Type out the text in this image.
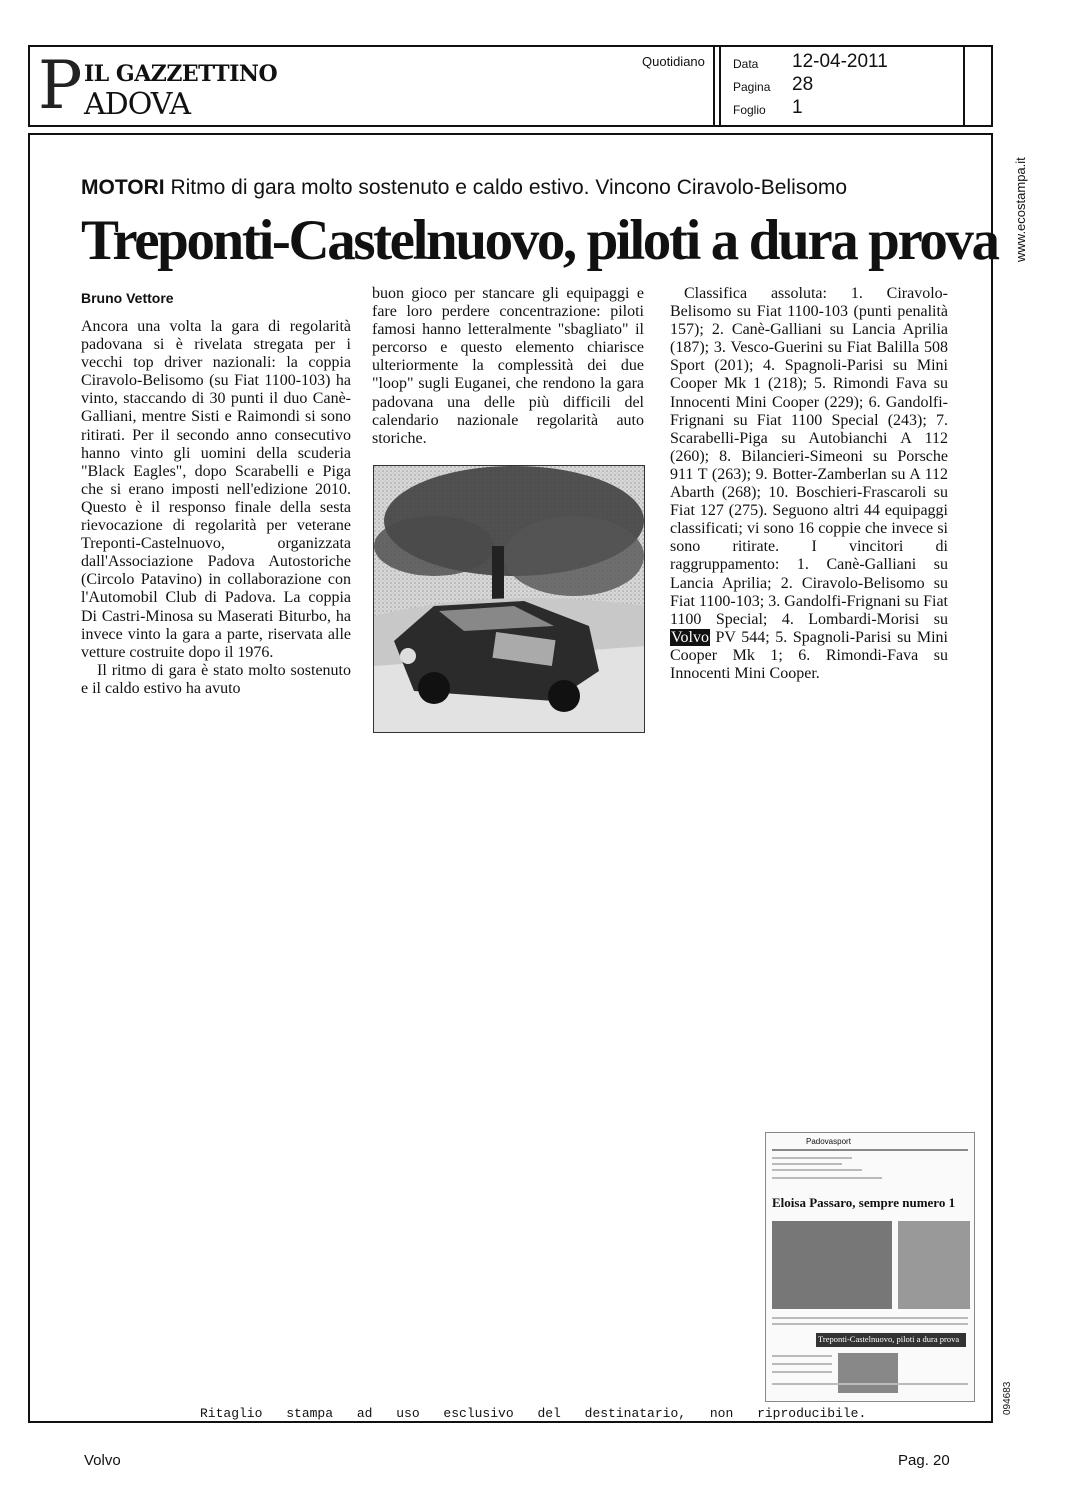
P IL GAZZETTINO
ADOVA
Quotidiano Data 12-04-2011
Pagina 28
Foglio 1
MOTORI Ritmo di gara molto sostenuto e caldo estivo. Vincono Ciravolo-Belisomo
Treponti-Castelnuovo, piloti a dura prova
Bruno Vettore

Ancora una volta la gara di regolarità padovana si è rivelata stregata per i vecchi top driver nazionali: la coppia Ciravolo-Belisomo (su Fiat 1100-103) ha vinto, staccando di 30 punti il duo Canè-Galliani, mentre Sisti e Raimondi si sono ritirati. Per il secondo anno consecutivo hanno vinto gli uomini della scuderia "Black Eagles", dopo Scarabelli e Piga che si erano imposti nell'edizione 2010. Questo è il responso finale della sesta rievocazione di regolarità per veterane Treponti-Castelnuovo, organizzata dall'Associazione Padova Autostoriche (Circolo Patavino) in collaborazione con l'Automobil Club di Padova. La coppia Di Castri-Minosa su Maserati Biturbo, ha invece vinto la gara a parte, riservata alle vetture costruite dopo il 1976.

Il ritmo di gara è stato molto sostenuto e il caldo estivo ha avuto

buon gioco per stancare gli equipaggi e fare loro perdere concentrazione: piloti famosi hanno letteralmente "sbagliato" il percorso e questo elemento chiarisce ulteriormente la complessità dei due "loop" sugli Euganei, che rendono la gara padovana una delle più difficili del calendario nazionale regolarità auto storiche.

Classifica assoluta: 1. Ciravolo-Belisomo su Fiat 1100-103 (punti penalità 157); 2. Canè-Galliani su Lancia Aprilia (187); 3. Vesco-Guerini su Fiat Balilla 508 Sport (201); 4. Spagnoli-Parisi su Mini Cooper Mk 1 (218); 5. Rimondi Fava su Innocenti Mini Cooper (229); 6. Gandolfi-Frignani su Fiat 1100 Special (243); 7. Scarabelli-Piga su Autobianchi A 112 (260); 8. Bilancieri-Simeoni su Porsche 911 T (263); 9. Botter-Zamberlan su A 112 Abarth (268); 10. Boschieri-Frascaroli su Fiat 127 (275). Seguono altri 44 equipaggi classificati; vi sono 16 coppie che invece si sono ritirate. I vincitori di raggruppamento: 1. Canè-Galliani su Lancia Aprilia; 2. Ciravolo-Belisomo su Fiat 1100-103; 3. Gandolfi-Frignani su Fiat 1100 Special; 4. Lombardi-Morisi su Volvo PV 544; 5. Spagnoli-Parisi su Mini Cooper Mk 1; 6. Rimondi-Fava su Innocenti Mini Cooper.

www.ecostampa.it
094683
Padovasport
Eloisa Passaro, sempre numero 1
Treponti-Castelnuovo, piloti a dura prova
Ritaglio stampa ad uso esclusivo del destinatario, non riproducibile.
Volvo	Pag. 20
